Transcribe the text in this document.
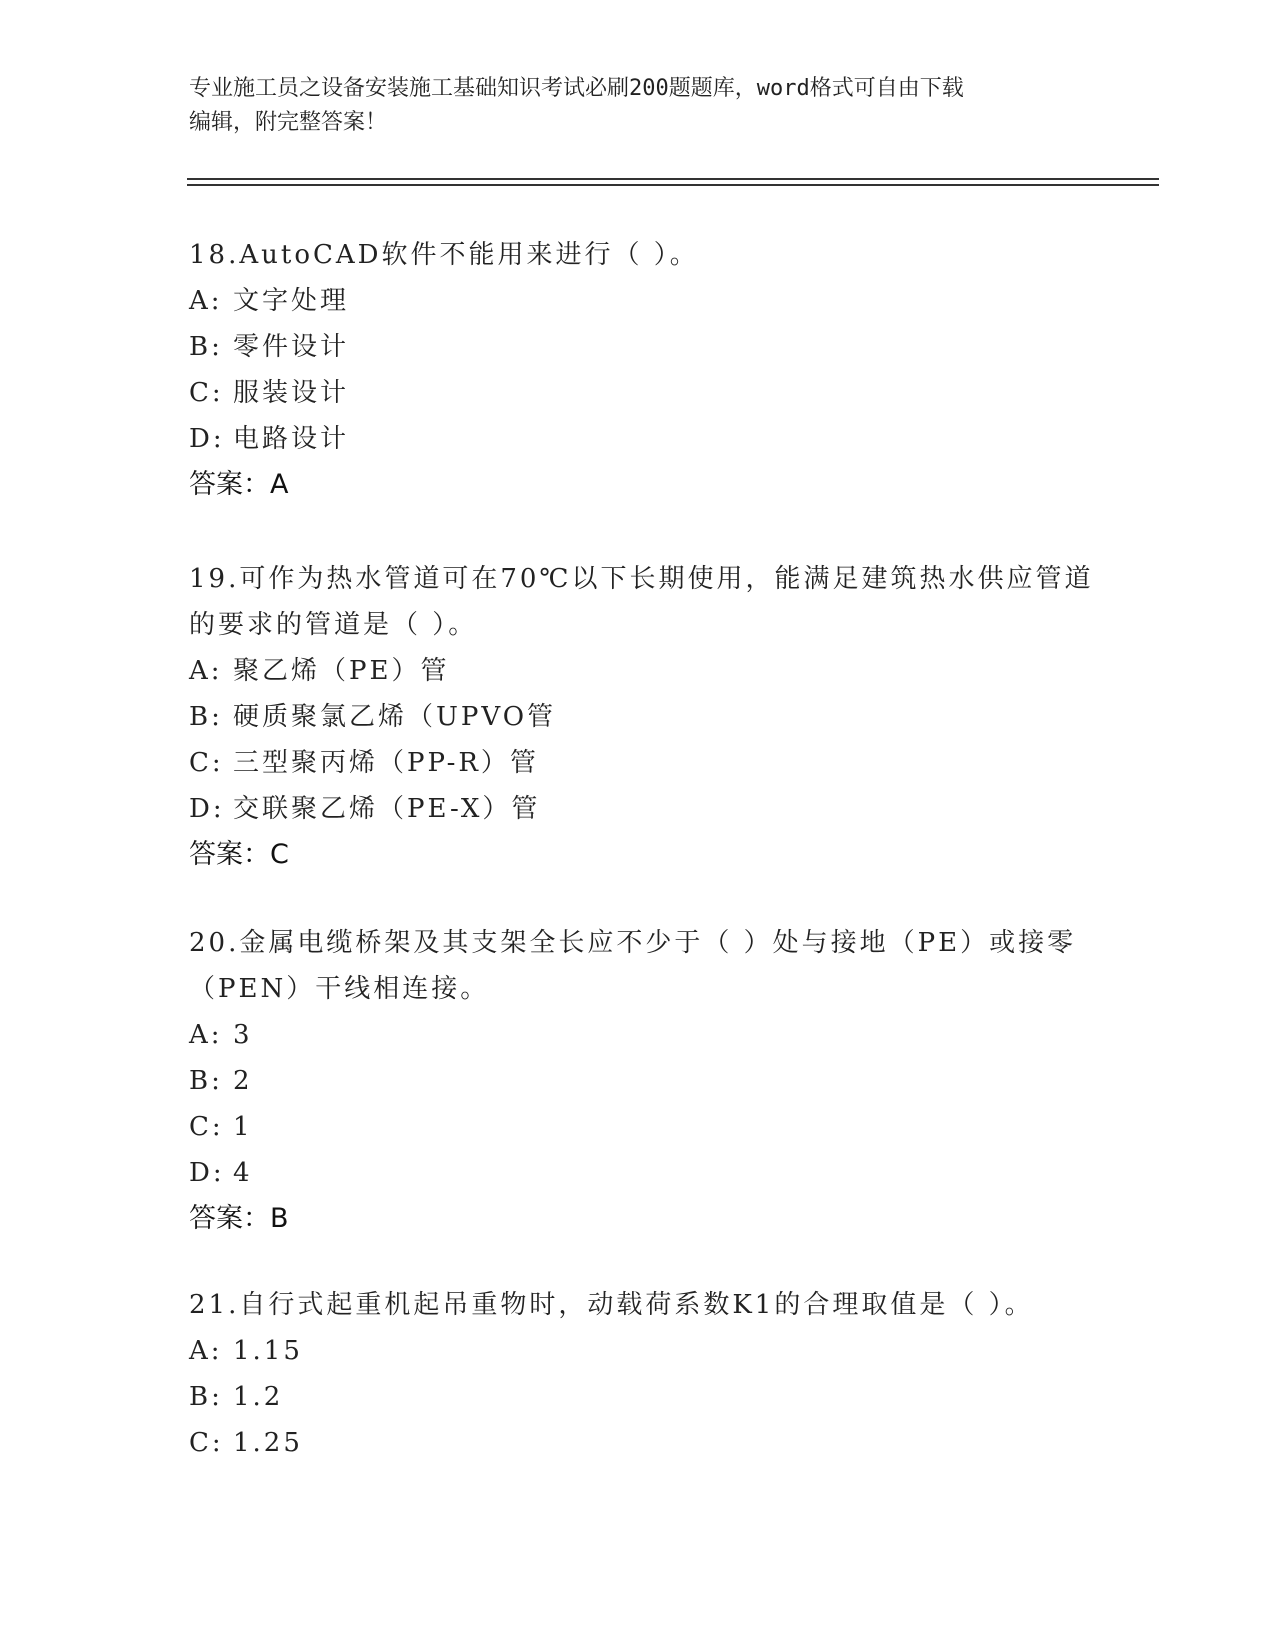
专业施工员之设备安装施工基础知识考试必刷200题题库，word格式可自由下载
编辑，附完整答案！
18.AutoCAD软件不能用来进行（ ）。
A: 文字处理
B: 零件设计
C: 服装设计
D: 电路设计
答案：A
19.可作为热水管道可在70℃以下长期使用，能满足建筑热水供应管道的要求的管道是（ ）。
A: 聚乙烯（PE）管
B: 硬质聚氯乙烯（UPVO管
C: 三型聚丙烯（PP-R）管
D: 交联聚乙烯（PE-X）管
答案：C
20.金属电缆桥架及其支架全长应不少于（ ）处与接地（PE）或接零（PEN）干线相连接。
A: 3
B: 2
C: 1
D: 4
答案：B
21.自行式起重机起吊重物时，动载荷系数K1的合理取值是（ ）。
A: 1.15
B: 1.2
C: 1.25
